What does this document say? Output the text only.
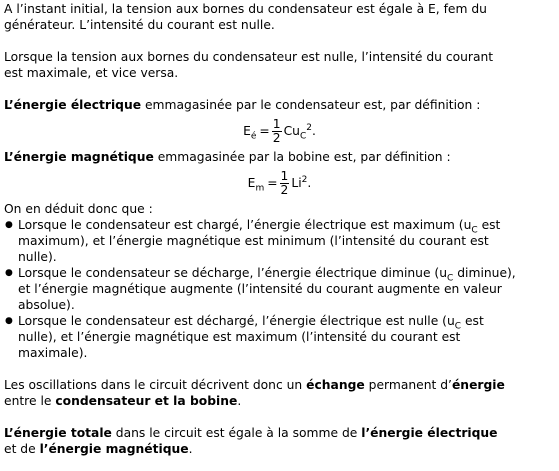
A l’instant initial, la tension aux bornes du condensateur est égale à E, fem du
générateur. L’intensité du courant est nulle.

Lorsque la tension aux bornes du condensateur est nulle, l’intensité du courant
est maximale, et vice versa.

L’énergie électrique emmagasinée par le condensateur est, par définition :

$E_é = \frac{1}{2} Cu_C^2$.

L’énergie magnétique emmagasinée par la bobine est, par définition :

$E_m = \frac{1}{2} Li^2$.

On en déduit donc que :

● Lorsque le condensateur est chargé, l’énergie électrique est maximum ($u_C$ est
maximum), et l’énergie magnétique est minimum (l’intensité du courant est
nulle).
● Lorsque le condensateur se décharge, l’énergie électrique diminue ($u_C$ diminue),
et l’énergie magnétique augmente (l’intensité du courant augmente en valeur
absolue).
● Lorsque le condensateur est déchargé, l’énergie électrique est nulle ($u_C$ est
nulle), et l’énergie magnétique est maximum (l’intensité du courant est
maximale).

Les oscillations dans le circuit décrivent donc un échange permanent d’énergie
entre le condensateur et la bobine.

L’énergie totale dans le circuit est égale à la somme de l’énergie électrique
et de l’énergie magnétique.
